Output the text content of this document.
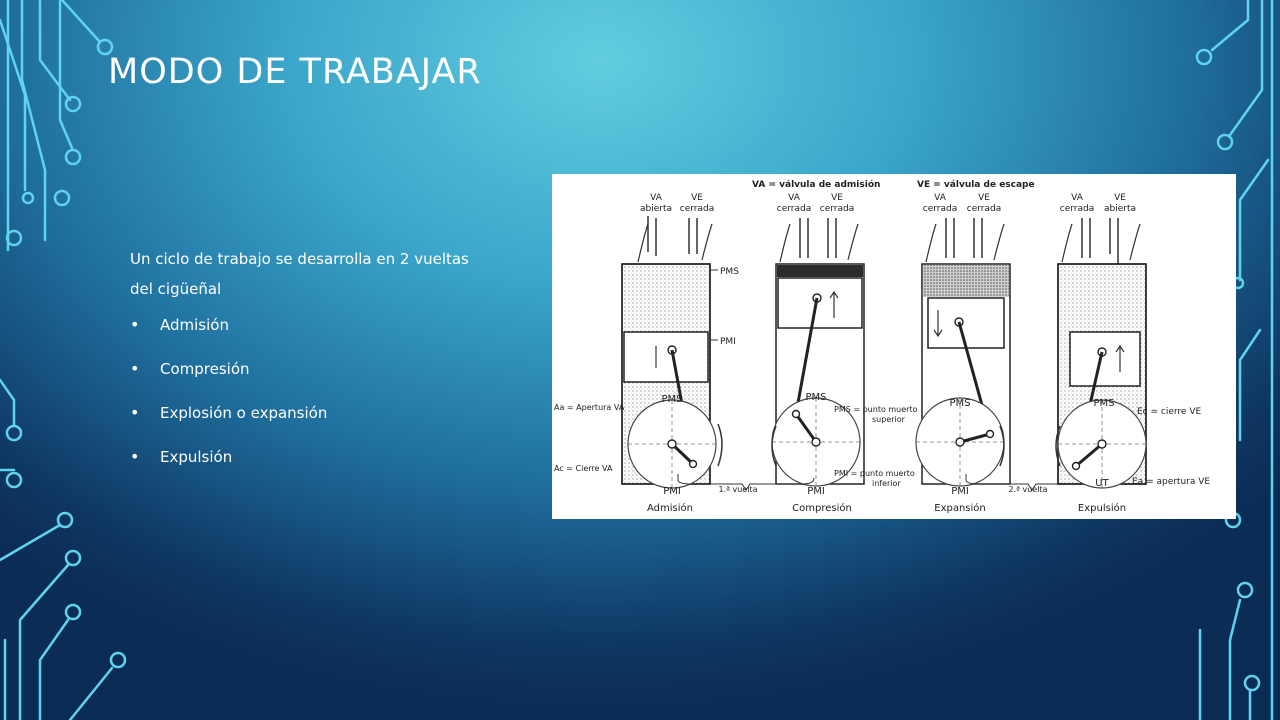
MODO DE TRABAJAR

Un ciclo de trabajo se desarrolla en 2 vueltas del cigüeñal

• Admisión
• Compresión
• Explosión o expansión
• Expulsión
VA = válvula de admisión	VE = válvula de escape
VA
abierta
VE
cerrada
PMS
PMI
Admisión
PMS
PMI
Aa = Apertura VA
Ac = Cierre VA
VA
cerrada
VE
cerrada
PMS
PMI
Compresión
PMS = punto muerto
superior
PMI = punto muerto
inferior
1.ª vuelta
VA
cerrada
VE
cerrada
PMS
PMI
Expansión
2.ª vuelta
VA
cerrada
VE
abierta
PMS
UT
Expulsión
Ec = cierre VE
Ea = apertura VE
